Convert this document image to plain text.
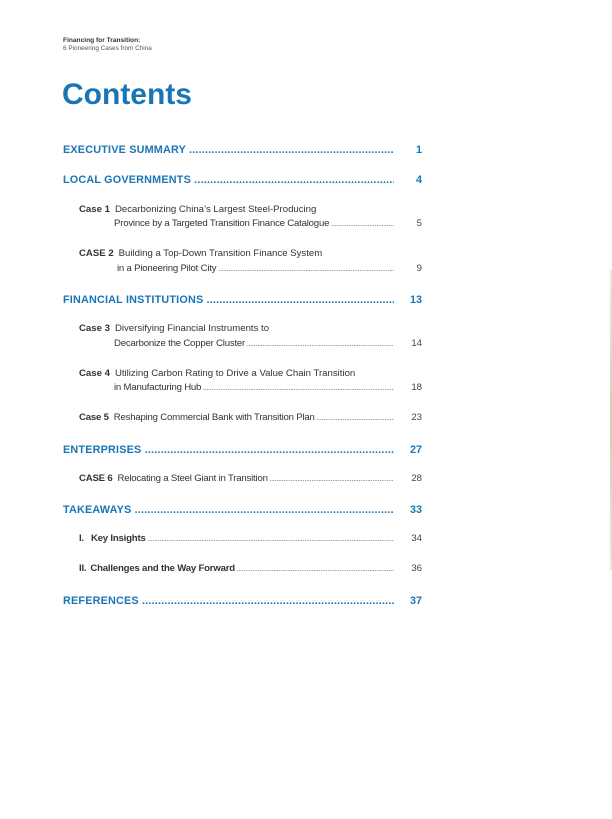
Financing for Transition:
6 Pioneering Cases from China
Contents
EXECUTIVE SUMMARY .....	1
LOCAL GOVERNMENTS .....	4
Case 1 Decarbonizing China’s Largest Steel-Producing
Province by a Targeted Transition Finance Catalogue .....	5
CASE 2 Building a Top-Down Transition Finance System
in a Pioneering Pilot City .....	9
FINANCIAL INSTITUTIONS .....	13
Case 3 Diversifying Financial Instruments to
Decarbonize the Copper Cluster .....	14
Case 4 Utilizing Carbon Rating to Drive a Value Chain Transition
in Manufacturing Hub .....	18
Case 5 Reshaping Commercial Bank with Transition Plan .....	23
ENTERPRISES .....	27
CASE 6 Relocating a Steel Giant in Transition .....	28
TAKEAWAYS .....	33
I. Key Insights .....	34
II. Challenges and the Way Forward .....	36
REFERENCES .....	37
